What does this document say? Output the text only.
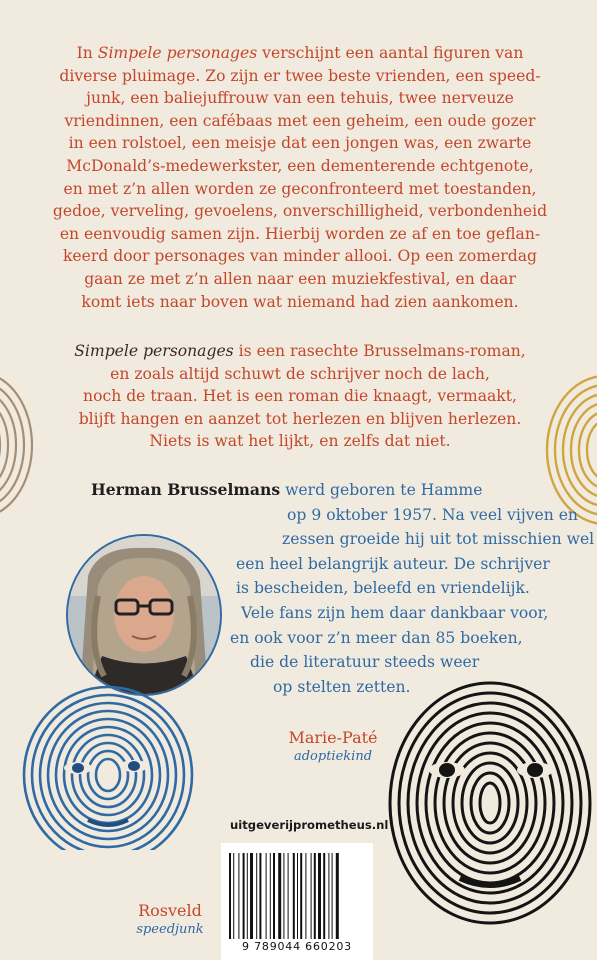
In Simpele personages verschijnt een aantal figuren van
diverse pluimage. Zo zijn er twee beste vrienden, een speed-
junk, een baliejuffrouw van een tehuis, twee nerveuze
vriendinnen, een cafébaas met een geheim, een oude gozer
in een rolstoel, een meisje dat een jongen was, een zwarte
McDonald’s-medewerkster, een dementerende echtgenote,
en met z’n allen worden ze geconfronteerd met toestanden,
gedoe, verveling, gevoelens, onverschilligheid, verbondenheid
en eenvoudig samen zijn. Hierbij worden ze af en toe geflan-
keerd door personages van minder allooi. Op een zomerdag
gaan ze met z’n allen naar een muziekfestival, en daar
komt iets naar boven wat niemand had zien aankomen.

Simpele personages is een rasechte Brusselmans-roman,
en zoals altijd schuwt de schrijver noch de lach,
noch de traan. Het is een roman die knaagt, vermaakt,
blijft hangen en aanzet tot herlezen en blijven herlezen.
Niets is wat het lijkt, en zelfs dat niet.

Herman Brusselmans werd geboren te Hamme
op 9 oktober 1957. Na veel vijven en
zessen groeide hij uit tot misschien wel
een heel belangrijk auteur. De schrijver
is bescheiden, beleefd en vriendelijk.
Vele fans zijn hem daar dankbaar voor,
en ook voor z’n meer dan 85 boeken,
die de literatuur steeds weer
op stelten zetten.
Marie-Paté
adoptiekind
Rosveld
speedjunk
uitgeverijprometheus.nl
9 789044 660203
